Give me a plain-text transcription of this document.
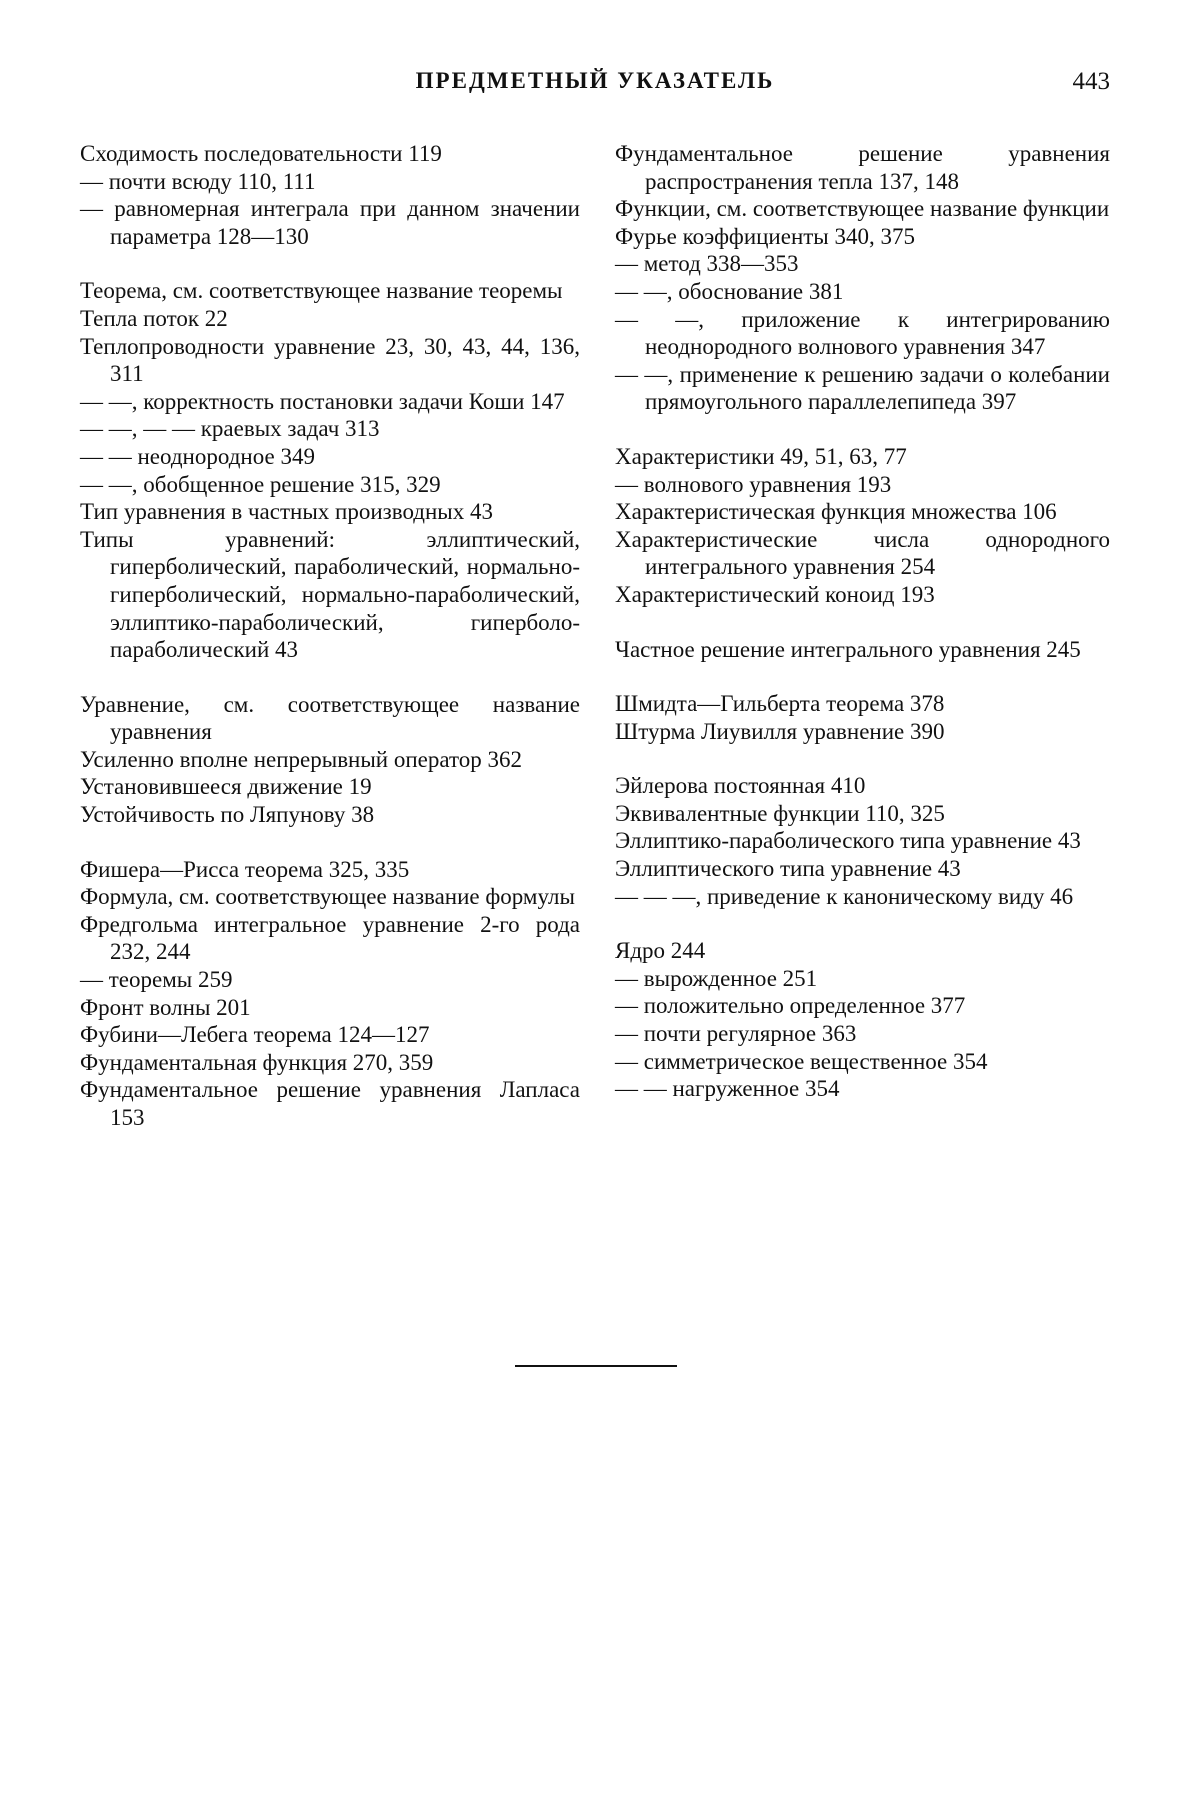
ПРЕДМЕТНЫЙ УКАЗАТЕЛЬ	443

Сходимость последовательности 119

— почти всюду 110, 111

— равномерная интеграла при данном значении параметра 128—130

Теорема, см. соответствующее название теоремы

Тепла поток 22

Теплопроводности уравнение 23, 30, 43, 44, 136, 311

— —, корректность постановки задачи Коши 147

— —, — — краевых задач 313

— — неоднородное 349

— —, обобщенное решение 315, 329

Тип уравнения в частных производных 43

Типы уравнений: эллиптический, гиперболический, параболический, нормально-гиперболический, нормально-параболический, эллиптико-параболический, гиперболо-параболический 43

Уравнение, см. соответствующее название уравнения

Усиленно вполне непрерывный оператор 362

Установившееся движение 19

Устойчивость по Ляпунову 38

Фишера—Рисса теорема 325, 335

Формула, см. соответствующее название формулы

Фредгольма интегральное уравнение 2-го рода 232, 244

— теоремы 259

Фронт волны 201

Фубини—Лебега теорема 124—127

Фундаментальная функция 270, 359

Фундаментальное решение уравнения Лапласа 153

Фундаментальное решение уравнения распространения тепла 137, 148

Функции, см. соответствующее название функции

Фурье коэффициенты 340, 375

— метод 338—353

— —, обоснование 381

— —, приложение к интегрированию неоднородного волнового уравнения 347

— —, применение к решению задачи о колебании прямоугольного параллелепипеда 397

Характеристики 49, 51, 63, 77

— волнового уравнения 193

Характеристическая функция множества 106

Характеристические числа однородного интегрального уравнения 254

Характеристический коноид 193

Частное решение интегрального уравнения 245

Шмидта—Гильберта теорема 378

Штурма Лиувилля уравнение 390

Эйлерова постоянная 410

Эквивалентные функции 110, 325

Эллиптико-параболического типа уравнение 43

Эллиптического типа уравнение 43

— — —, приведение к каноническому виду 46

Ядро 244

— вырожденное 251

— положительно определенное 377

— почти регулярное 363

— симметрическое вещественное 354

— — нагруженное 354
